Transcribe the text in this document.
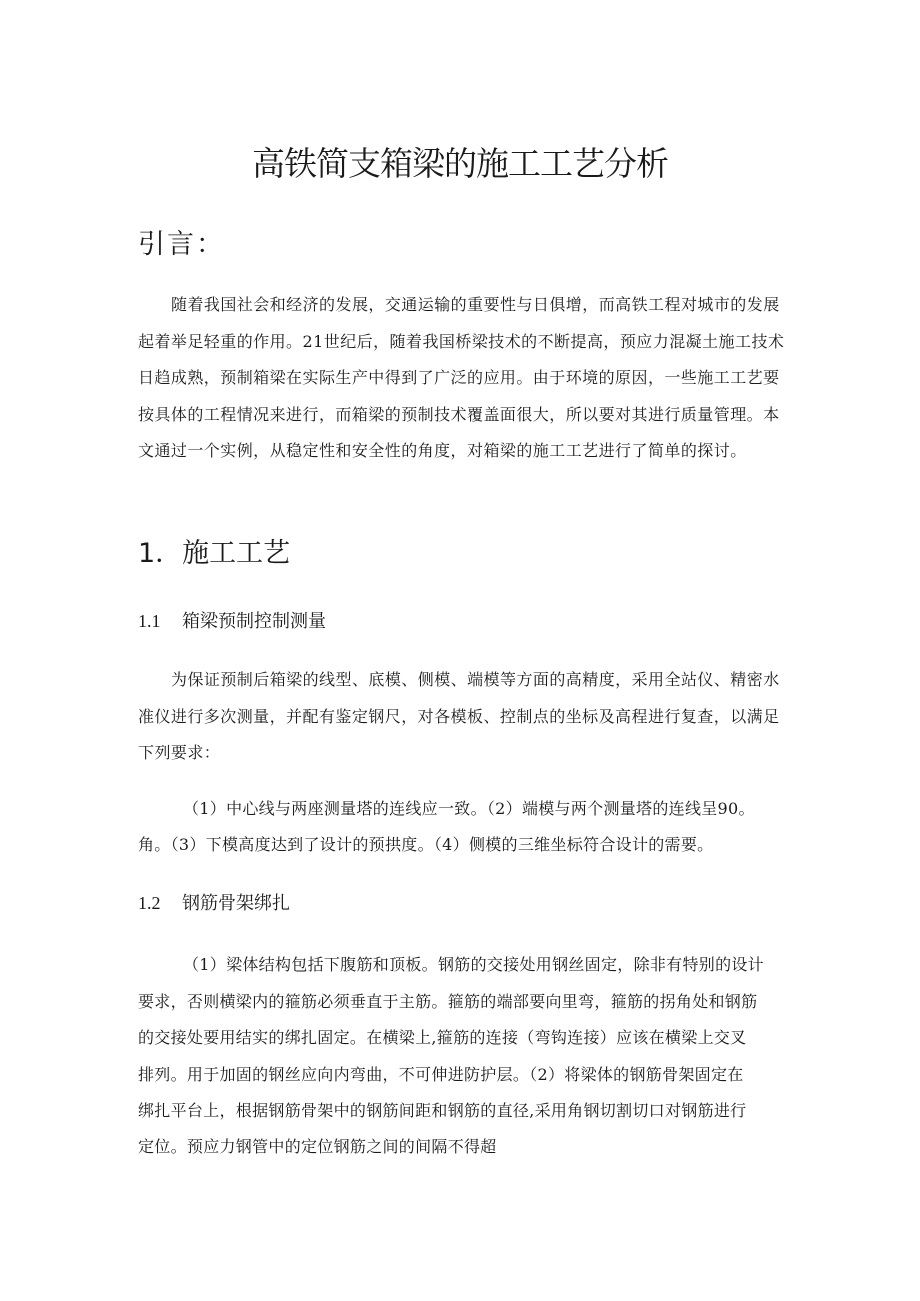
高铁简支箱梁的施工工艺分析
引言：

随着我国社会和经济的发展，交通运输的重要性与日俱增，而高铁工程对城市的发展起着举足轻重的作用。21世纪后，随着我国桥梁技术的不断提高，预应力混凝土施工技术日趋成熟，预制箱梁在实际生产中得到了广泛的应用。由于环境的原因，一些施工工艺要按具体的工程情况来进行，而箱梁的预制技术覆盖面很大，所以要对其进行质量管理。本文通过一个实例，从稳定性和安全性的角度，对箱梁的施工工艺进行了简单的探讨。

1．施工工艺
1.1 箱梁预制控制测量

为保证预制后箱梁的线型、底模、侧模、端模等方面的高精度，采用全站仪、精密水准仪进行多次测量，并配有鉴定钢尺，对各模板、控制点的坐标及高程进行复查，以满足下列要求：

（1）中心线与两座测量塔的连线应一致。（2）端模与两个测量塔的连线呈90。

角。（3）下模高度达到了设计的预拱度。（4）侧模的三维坐标符合设计的需要。

1.2 钢筋骨架绑扎

（1）梁体结构包括下腹筋和顶板。钢筋的交接处用钢丝固定，除非有特别的设计

要求，否则横梁内的箍筋必须垂直于主筋。箍筋的端部要向里弯，箍筋的拐角处和钢筋

的交接处要用结实的绑扎固定。在横梁上,箍筋的连接（弯钩连接）应该在横梁上交叉

排列。用于加固的钢丝应向内弯曲，不可伸进防护层。（2）将梁体的钢筋骨架固定在

绑扎平台上，根据钢筋骨架中的钢筋间距和钢筋的直径,采用角钢切割切口对钢筋进行

定位。预应力钢管中的定位钢筋之间的间隔不得超
